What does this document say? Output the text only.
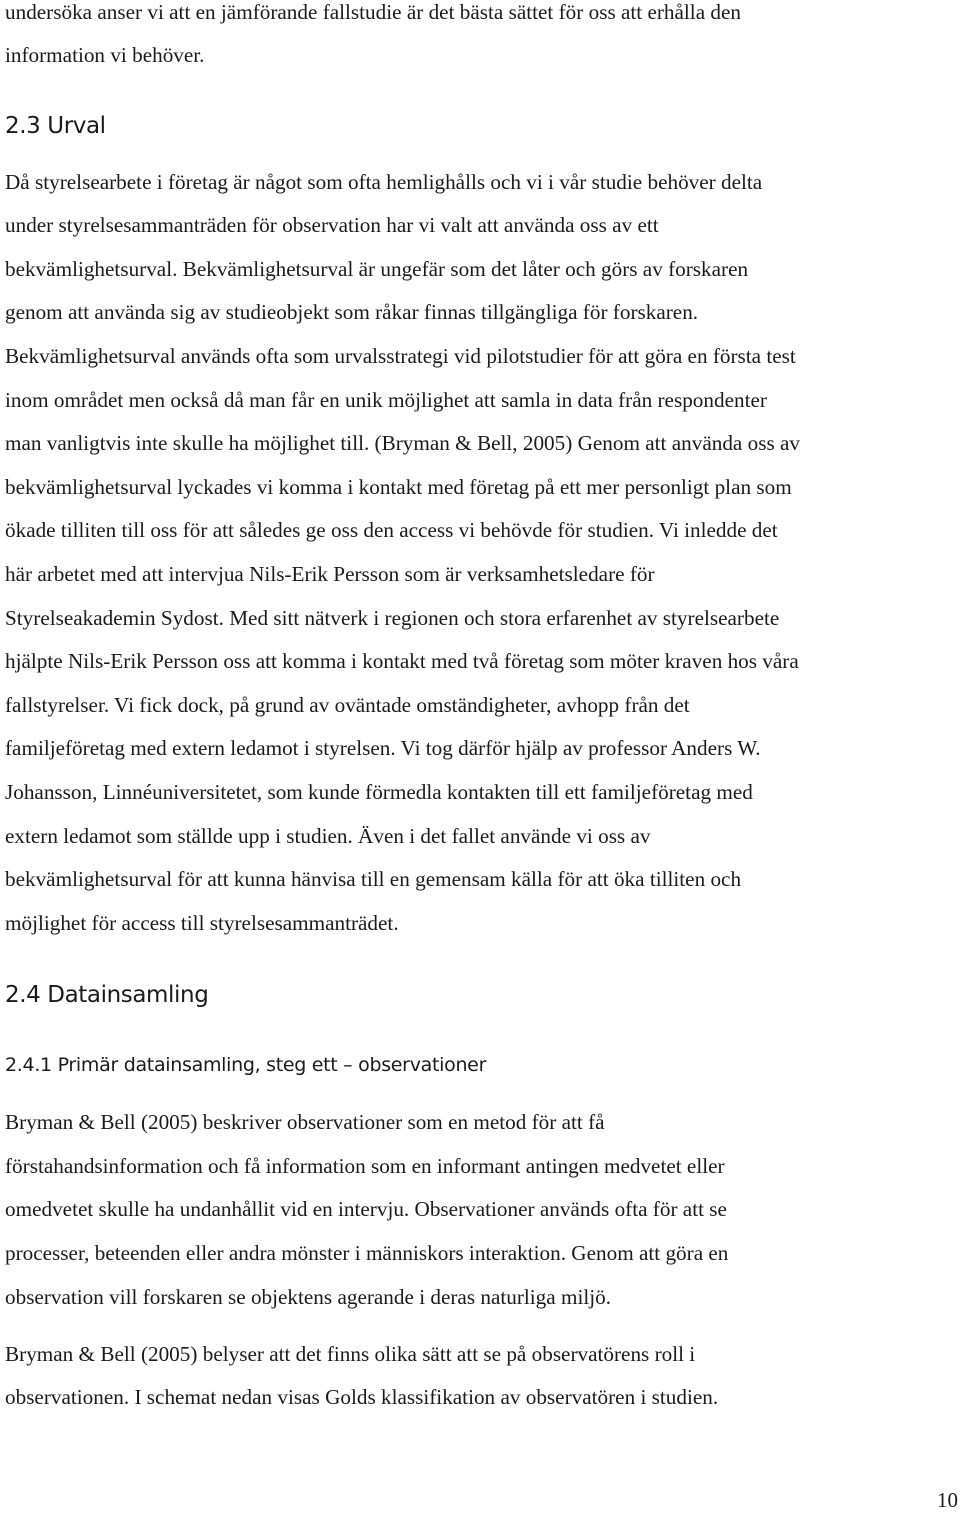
undersöka anser vi att en jämförande fallstudie är det bästa sättet för oss att erhålla den

information vi behöver.

2.3 Urval

Då styrelsearbete i företag är något som ofta hemlighålls och vi i vår studie behöver delta

under styrelsesammanträden för observation har vi valt att använda oss av ett

bekvämlighetsurval. Bekvämlighetsurval är ungefär som det låter och görs av forskaren

genom att använda sig av studieobjekt som råkar finnas tillgängliga för forskaren.

Bekvämlighetsurval används ofta som urvalsstrategi vid pilotstudier för att göra en första test

inom området men också då man får en unik möjlighet att samla in data från respondenter

man vanligtvis inte skulle ha möjlighet till. (Bryman & Bell, 2005) Genom att använda oss av

bekvämlighetsurval lyckades vi komma i kontakt med företag på ett mer personligt plan som

ökade tilliten till oss för att således ge oss den access vi behövde för studien. Vi inledde det

här arbetet med att intervjua Nils-Erik Persson som är verksamhetsledare för

Styrelseakademin Sydost. Med sitt nätverk i regionen och stora erfarenhet av styrelsearbete

hjälpte Nils-Erik Persson oss att komma i kontakt med två företag som möter kraven hos våra

fallstyrelser. Vi fick dock, på grund av oväntade omständigheter, avhopp från det

familjeföretag med extern ledamot i styrelsen. Vi tog därför hjälp av professor Anders W.

Johansson, Linnéuniversitetet, som kunde förmedla kontakten till ett familjeföretag med

extern ledamot som ställde upp i studien. Även i det fallet använde vi oss av

bekvämlighetsurval för att kunna hänvisa till en gemensam källa för att öka tilliten och

möjlighet för access till styrelsesammanträdet.

2.4 Datainsamling
2.4.1 Primär datainsamling, steg ett – observationer

Bryman & Bell (2005) beskriver observationer som en metod för att få

förstahandsinformation och få information som en informant antingen medvetet eller

omedvetet skulle ha undanhållit vid en intervju. Observationer används ofta för att se

processer, beteenden eller andra mönster i människors interaktion. Genom att göra en

observation vill forskaren se objektens agerande i deras naturliga miljö.

Bryman & Bell (2005) belyser att det finns olika sätt att se på observatörens roll i

observationen. I schemat nedan visas Golds klassifikation av observatören i studien.

10
